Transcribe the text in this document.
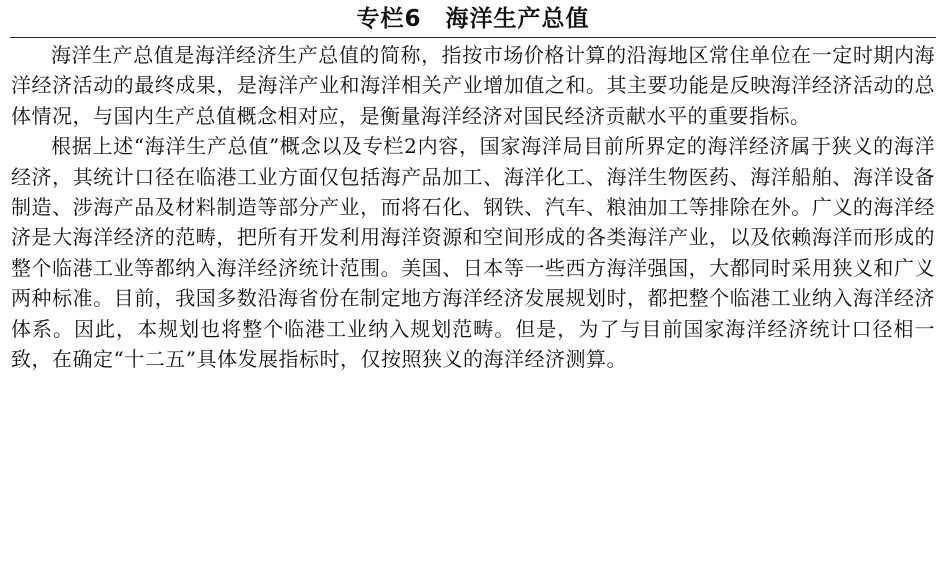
专栏6　海洋生产总值

海洋生产总值是海洋经济生产总值的简称，指按市场价格计算的沿海地区常住单位在一定时期内海洋经济活动的最终成果，是海洋产业和海洋相关产业增加值之和。其主要功能是反映海洋经济活动的总体情况，与国内生产总值概念相对应，是衡量海洋经济对国民经济贡献水平的重要指标。

根据上述“海洋生产总值”概念以及专栏2内容，国家海洋局目前所界定的海洋经济属于狭义的海洋经济，其统计口径在临港工业方面仅包括海产品加工、海洋化工、海洋生物医药、海洋船舶、海洋设备制造、涉海产品及材料制造等部分产业，而将石化、钢铁、汽车、粮油加工等排除在外。广义的海洋经济是大海洋经济的范畴，把所有开发利用海洋资源和空间形成的各类海洋产业，以及依赖海洋而形成的整个临港工业等都纳入海洋经济统计范围。美国、日本等一些西方海洋强国，大都同时采用狭义和广义两种标准。目前，我国多数沿海省份在制定地方海洋经济发展规划时，都把整个临港工业纳入海洋经济体系。因此，本规划也将整个临港工业纳入规划范畴。但是，为了与目前国家海洋经济统计口径相一致，在确定“十二五”具体发展指标时，仅按照狭义的海洋经济测算。
